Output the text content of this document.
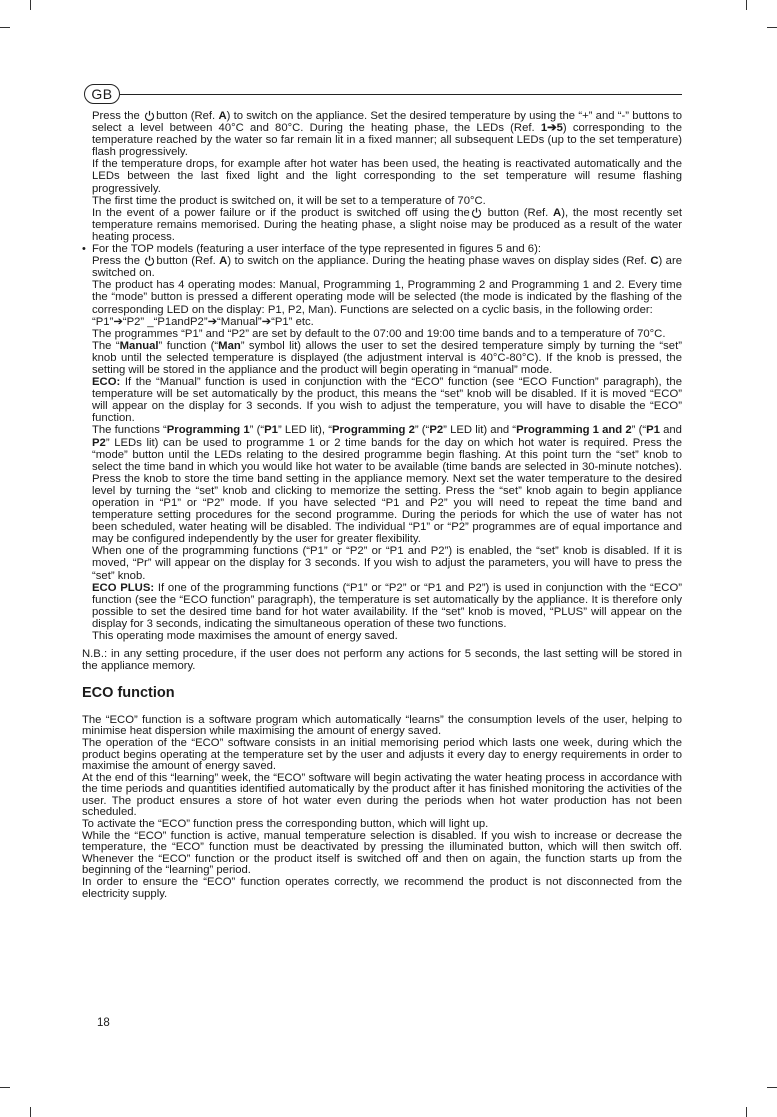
GB

Press the button (Ref. A) to switch on the appliance. Set the desired temperature by using the “+” and “-” buttons to select a level between 40°C and 80°C. During the heating phase, the LEDs (Ref. 1➔5) corresponding to the temperature reached by the water so far remain lit in a fixed manner; all subsequent LEDs (up to the set temperature) flash progressively.

If the temperature drops, for example after hot water has been used, the heating is reactivated automatically and the LEDs between the last fixed light and the light corresponding to the set temperature will resume flashing progressively.

The first time the product is switched on, it will be set to a temperature of 70°C.

In the event of a power failure or if the product is switched off using the button (Ref. A), the most recently set temperature remains memorised. During the heating phase, a slight noise may be produced as a result of the water heating process.

• For the TOP models (featuring a user interface of the type represented in figures 5 and 6):

Press the button (Ref. A) to switch on the appliance. During the heating phase waves on display sides (Ref. C) are switched on.

The product has 4 operating modes: Manual, Programming 1, Programming 2 and Programming 1 and 2. Every time the “mode” button is pressed a different operating mode will be selected (the mode is indicated by the flashing of the corresponding LED on the display: P1, P2, Man). Functions are selected on a cyclic basis, in the following order:

“P1”➔“P2” _“P1andP2”➔“Manual”➔“P1” etc.

The programmes “P1” and “P2” are set by default to the 07:00 and 19:00 time bands and to a temperature of 70°C.

The “Manual” function (“Man” symbol lit) allows the user to set the desired temperature simply by turning the “set” knob until the selected temperature is displayed (the adjustment interval is 40°C-80°C). If the knob is pressed, the setting will be stored in the appliance and the product will begin operating in “manual” mode.

ECO: If the “Manual” function is used in conjunction with the “ECO” function (see “ECO Function” paragraph), the temperature will be set automatically by the product, this means the “set” knob will be disabled. If it is moved “ECO” will appear on the display for 3 seconds. If you wish to adjust the temperature, you will have to disable the “ECO” function.

The functions “Programming 1” (“P1” LED lit), “Programming 2” (“P2” LED lit) and “Programming 1 and 2” (“P1 and P2” LEDs lit) can be used to programme 1 or 2 time bands for the day on which hot water is required. Press the “mode” button until the LEDs relating to the desired programme begin flashing. At this point turn the “set” knob to select the time band in which you would like hot water to be available (time bands are selected in 30-minute notches). Press the knob to store the time band setting in the appliance memory. Next set the water temperature to the desired level by turning the “set” knob and clicking to memorize the setting. Press the “set” knob again to begin appliance operation in “P1” or “P2” mode. If you have selected “P1 and P2” you will need to repeat the time band and temperature setting procedures for the second programme. During the periods for which the use of water has not been scheduled, water heating will be disabled. The individual “P1” or “P2” programmes are of equal importance and may be configured independently by the user for greater flexibility.

When one of the programming functions (“P1” or “P2” or “P1 and P2”) is enabled, the “set” knob is disabled. If it is moved, “Pr” will appear on the display for 3 seconds. If you wish to adjust the parameters, you will have to press the “set” knob.

ECO PLUS: If one of the programming functions (“P1” or “P2” or “P1 and P2”) is used in conjunction with the “ECO” function (see the “ECO function” paragraph), the temperature is set automatically by the appliance. It is therefore only possible to set the desired time band for hot water availability. If the “set” knob is moved, “PLUS” will appear on the display for 3 seconds, indicating the simultaneous operation of these two functions.

This operating mode maximises the amount of energy saved.

N.B.: in any setting procedure, if the user does not perform any actions for 5 seconds, the last setting will be stored in the appliance memory.

ECO function

The “ECO” function is a software program which automatically “learns” the consumption levels of the user, helping to minimise heat dispersion while maximising the amount of energy saved.

The operation of the “ECO” software consists in an initial memorising period which lasts one week, during which the product begins operating at the temperature set by the user and adjusts it every day to energy requirements in order to maximise the amount of energy saved.

At the end of this “learning” week, the “ECO” software will begin activating the water heating process in accordance with the time periods and quantities identified automatically by the product after it has finished monitoring the activities of the user. The product ensures a store of hot water even during the periods when hot water production has not been scheduled.

To activate the “ECO” function press the corresponding button, which will light up.

While the “ECO” function is active, manual temperature selection is disabled. If you wish to increase or decrease the temperature, the “ECO” function must be deactivated by pressing the illuminated button, which will then switch off. Whenever the “ECO” function or the product itself is switched off and then on again, the function starts up from the beginning of the “learning” period.

In order to ensure the “ECO” function operates correctly, we recommend the product is not disconnected from the electricity supply.

18
